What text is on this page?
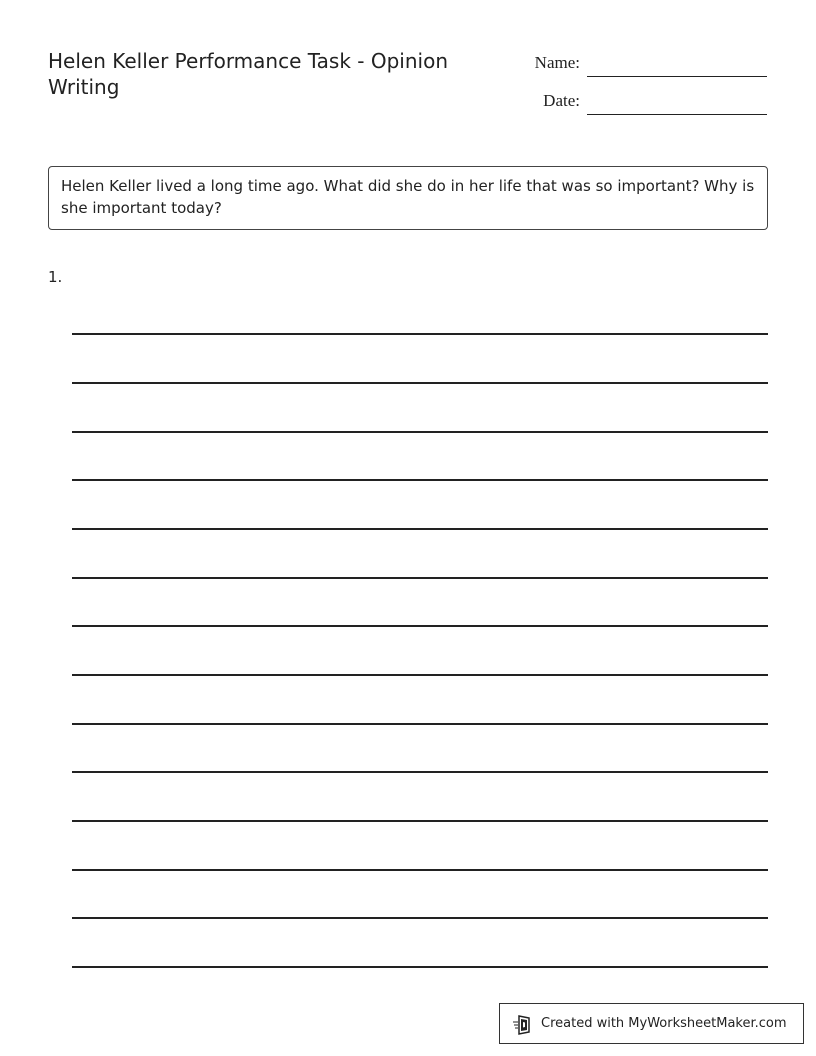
Helen Keller Performance Task - Opinion Writing
Name:
Date:
Helen Keller lived a long time ago. What did she do in her life that was so important? Why is she important today?
1.
Created with MyWorksheetMaker.com
